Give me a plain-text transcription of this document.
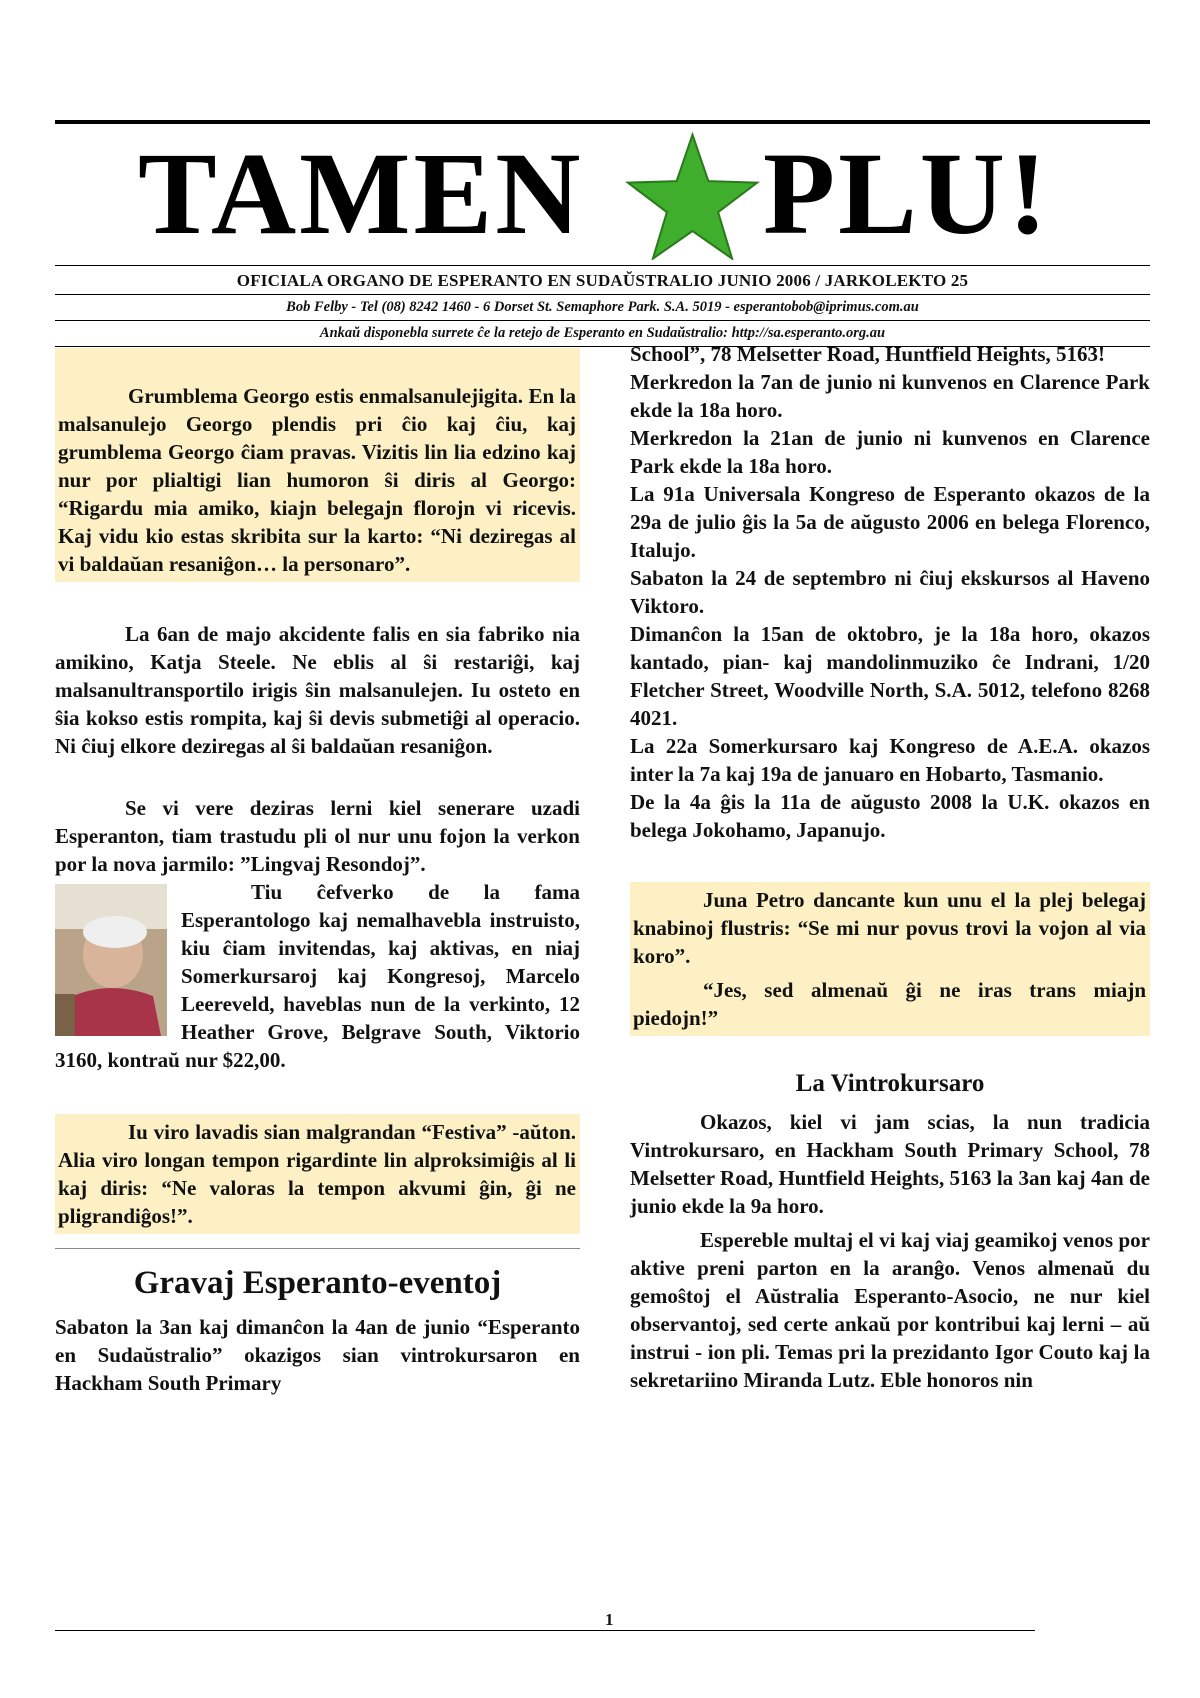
TAMEN PLU!
OFICIALA ORGANO DE ESPERANTO EN SUDAŬSTRALIO JUNIO 2006 / JARKOLEKTO 25
Bob Felby - Tel (08) 8242 1460 - 6 Dorset St. Semaphore Park. S.A. 5019 - esperantobob@iprimus.com.au
Ankaŭ disponebla surrete ĉe la retejo de Esperanto en Sudaŭstralio: http://sa.esperanto.org.au

Grumblema Georgo estis enmalsanulejigita. En la malsanulejo Georgo plendis pri ĉio kaj ĉiu, kaj grumblema Georgo ĉiam pravas. Vizitis lin lia edzino kaj nur por plialtigi lian humoron ŝi diris al Georgo: “Rigardu mia amiko, kiajn belegajn florojn vi ricevis. Kaj vidu kio estas skribita sur la karto: “Ni deziregas al vi baldaŭan resaniĝon… la personaro”.

La 6an de majo akcidente falis en sia fabriko nia amikino, Katja Steele. Ne eblis al ŝi restariĝi, kaj malsanultransportilo irigis ŝin malsanulejen. Iu osteto en ŝia kokso estis rompita, kaj ŝi devis submetiĝi al operacio. Ni ĉiuj elkore deziregas al ŝi baldaŭan resaniĝon.

Se vi vere deziras lerni kiel senerare uzadi Esperanton, tiam trastudu pli ol nur unu fojon la verkon por la nova jarmilo: ”Lingvaj Resondoj”.

Tiu ĉefverko de la fama Esperantologo kaj nemalhavebla instruisto, kiu ĉiam invitendas, kaj aktivas, en niaj Somerkursaroj kaj Kongresoj, Marcelo Leereveld, haveblas nun de la verkinto, 12 Heather Grove, Belgrave South, Viktorio 3160, kontraŭ nur $22,00.

Iu viro lavadis sian malgrandan “Festiva” -aŭton. Alia viro longan tempon rigardinte lin alproksimiĝis al li kaj diris: “Ne valoras la tempon akvumi ĝin, ĝi ne pligrandiĝos!”.

Gravaj Esperanto-eventoj

Sabaton la 3an kaj dimanĉon la 4an de junio “Esperanto en Sudaŭstralio” okazigos sian vintrokursaron en Hackham South Primary

School”, 78 Melsetter Road, Huntfield Heights, 5163!

Merkredon la 7an de junio ni kunvenos en Clarence Park ekde la 18a horo.

Merkredon la 21an de junio ni kunvenos en Clarence Park ekde la 18a horo.

La 91a Universala Kongreso de Esperanto okazos de la 29a de julio ĝis la 5a de aŭgusto 2006 en belega Florenco, Italujo.

Sabaton la 24 de septembro ni ĉiuj ekskursos al Haveno Viktoro.

Dimanĉon la 15an de oktobro, je la 18a horo, okazos kantado, pian- kaj mandolinmuziko ĉe Indrani, 1/20 Fletcher Street, Woodville North, S.A. 5012, telefono 8268 4021.

La 22a Somerkursaro kaj Kongreso de A.E.A. okazos inter la 7a kaj 19a de januaro en Hobarto, Tasmanio.

De la 4a ĝis la 11a de aŭgusto 2008 la U.K. okazos en belega Jokohamo, Japanujo.

Juna Petro dancante kun unu el la plej belegaj knabinoj flustris: “Se mi nur povus trovi la vojon al via koro”.

“Jes, sed almenaŭ ĝi ne iras trans miajn piedojn!”

La Vintrokursaro

Okazos, kiel vi jam scias, la nun tradicia Vintrokursaro, en Hackham South Primary School, 78 Melsetter Road, Huntfield Heights, 5163 la 3an kaj 4an de junio ekde la 9a horo.

Espereble multaj el vi kaj viaj geamikoj venos por aktive preni parton en la aranĝo. Venos almenaŭ du gemoŝtoj el Aŭstralia Esperanto-Asocio, ne nur kiel observantoj, sed certe ankaŭ por kontribui kaj lerni – aŭ instrui - ion pli. Temas pri la prezidanto Igor Couto kaj la sekretariino Miranda Lutz. Eble honoros nin

1
